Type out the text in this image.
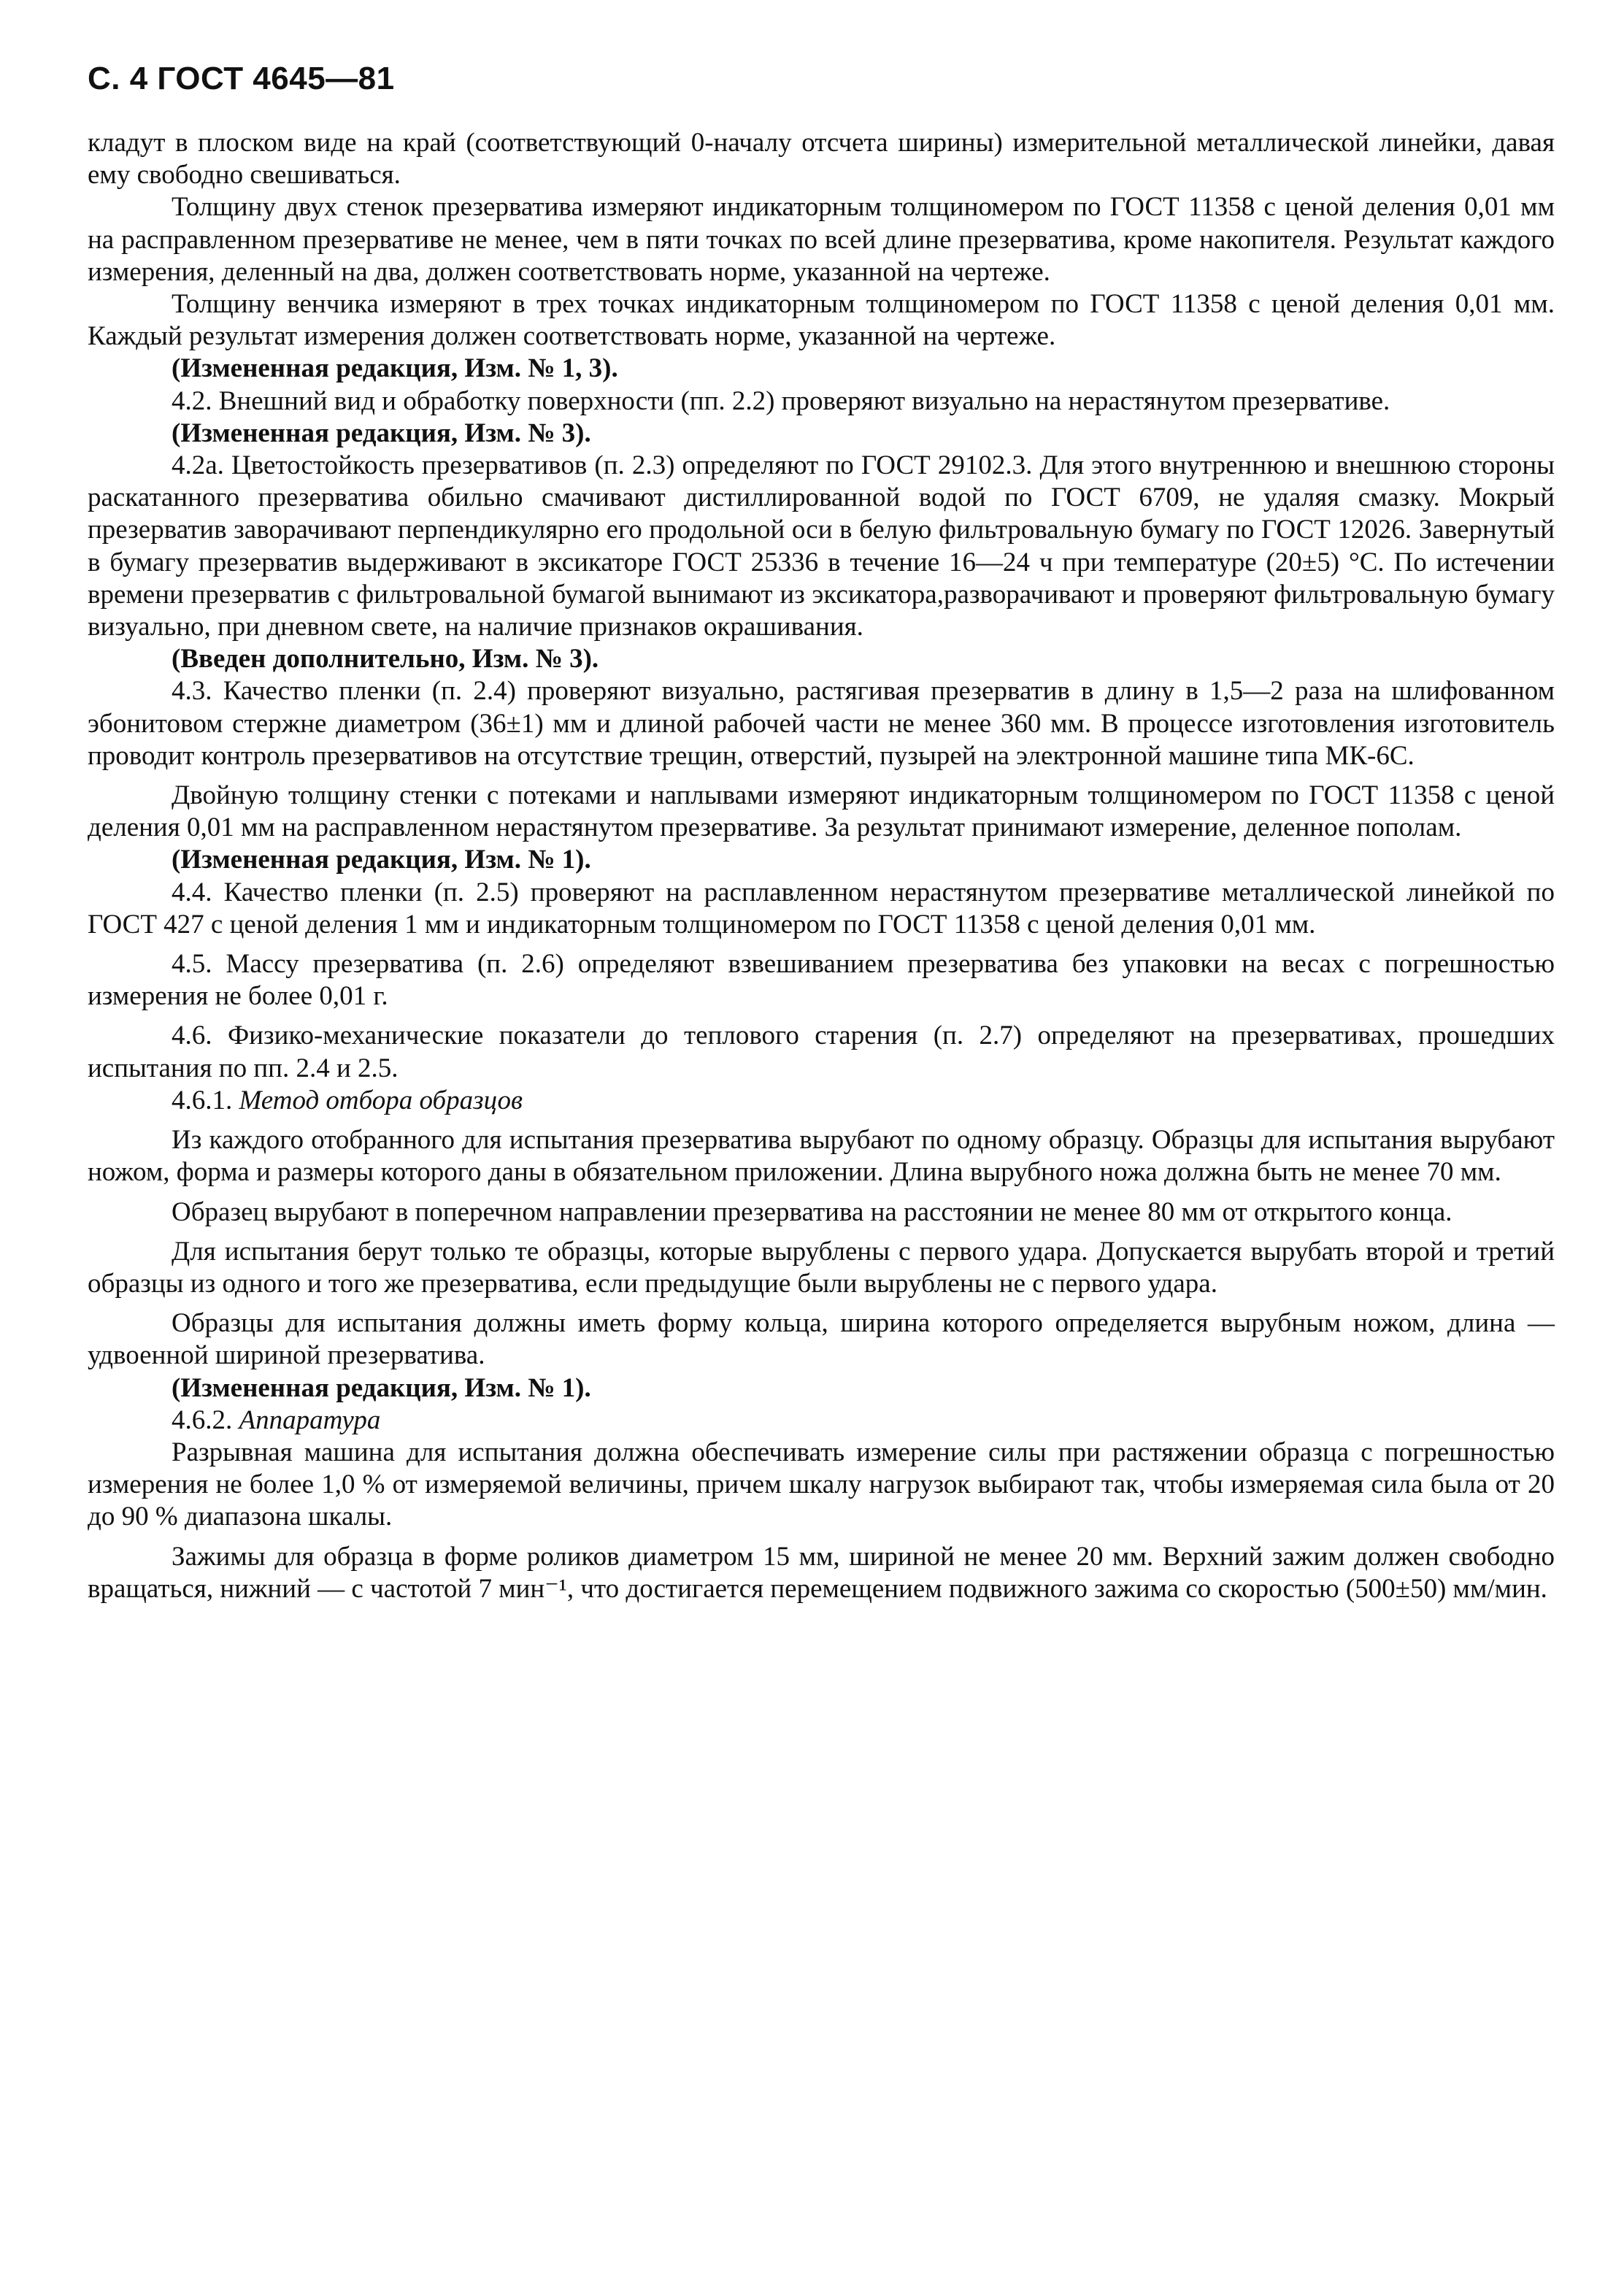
С. 4 ГОСТ 4645—81

кладут в плоском виде на край (соответствующий 0-началу отсчета ширины) измерительной металлической линейки, давая ему свободно свешиваться.

Толщину двух стенок презерватива измеряют индикаторным толщиномером по ГОСТ 11358 с ценой деления 0,01 мм на расправленном презервативе не менее, чем в пяти точках по всей длине презерватива, кроме накопителя. Результат каждого измерения, деленный на два, должен соответствовать норме, указанной на чертеже.

Толщину венчика измеряют в трех точках индикаторным толщиномером по ГОСТ 11358 с ценой деления 0,01 мм. Каждый результат измерения должен соответствовать норме, указанной на чертеже.

(Измененная редакция, Изм. № 1, 3).

4.2. Внешний вид и обработку поверхности (пп. 2.2) проверяют визуально на нерастянутом презервативе.

(Измененная редакция, Изм. № 3).

4.2а. Цветостойкость презервативов (п. 2.3) определяют по ГОСТ 29102.3. Для этого внутреннюю и внешнюю стороны раскатанного презерватива обильно смачивают дистиллированной водой по ГОСТ 6709, не удаляя смазку. Мокрый презерватив заворачивают перпендикулярно его продольной оси в белую фильтровальную бумагу по ГОСТ 12026. Завернутый в бумагу презерватив выдерживают в эксикаторе ГОСТ 25336 в течение 16—24 ч при температуре (20±5) °С. По истечении времени презерватив с фильтровальной бумагой вынимают из эксикатора,разворачивают и проверяют фильтровальную бумагу визуально, при дневном свете, на наличие признаков окрашивания.

(Введен дополнительно, Изм. № 3).

4.3. Качество пленки (п. 2.4) проверяют визуально, растягивая презерватив в длину в 1,5—2 раза на шлифованном эбонитовом стержне диаметром (36±1) мм и длиной рабочей части не менее 360 мм. В процессе изготовления изготовитель проводит контроль презервативов на отсутствие трещин, отверстий, пузырей на электронной машине типа МК-6С.

Двойную толщину стенки с потеками и наплывами измеряют индикаторным толщиномером по ГОСТ 11358 с ценой деления 0,01 мм на расправленном нерастянутом презервативе. За результат принимают измерение, деленное пополам.

(Измененная редакция, Изм. № 1).

4.4. Качество пленки (п. 2.5) проверяют на расплавленном нерастянутом презервативе металлической линейкой по ГОСТ 427 с ценой деления 1 мм и индикаторным толщиномером по ГОСТ 11358 с ценой деления 0,01 мм.

4.5. Массу презерватива (п. 2.6) определяют взвешиванием презерватива без упаковки на весах с погрешностью измерения не более 0,01 г.

4.6. Физико-механические показатели до теплового старения (п. 2.7) определяют на презервативах, прошедших испытания по пп. 2.4 и 2.5.

4.6.1. Метод отбора образцов

Из каждого отобранного для испытания презерватива вырубают по одному образцу. Образцы для испытания вырубают ножом, форма и размеры которого даны в обязательном приложении. Длина вырубного ножа должна быть не менее 70 мм.

Образец вырубают в поперечном направлении презерватива на расстоянии не менее 80 мм от открытого конца.

Для испытания берут только те образцы, которые вырублены с первого удара. Допускается вырубать второй и третий образцы из одного и того же презерватива, если предыдущие были вырублены не с первого удара.

Образцы для испытания должны иметь форму кольца, ширина которого определяется вырубным ножом, длина — удвоенной шириной презерватива.

(Измененная редакция, Изм. № 1).

4.6.2. Аппаратура

Разрывная машина для испытания должна обеспечивать измерение силы при растяжении образца с погрешностью измерения не более 1,0 % от измеряемой величины, причем шкалу нагрузок выбирают так, чтобы измеряемая сила была от 20 до 90 % диапазона шкалы.

Зажимы для образца в форме роликов диаметром 15 мм, шириной не менее 20 мм. Верхний зажим должен свободно вращаться, нижний — с частотой 7 мин⁻¹, что достигается перемещением подвижного зажима со скоростью (500±50) мм/мин.
